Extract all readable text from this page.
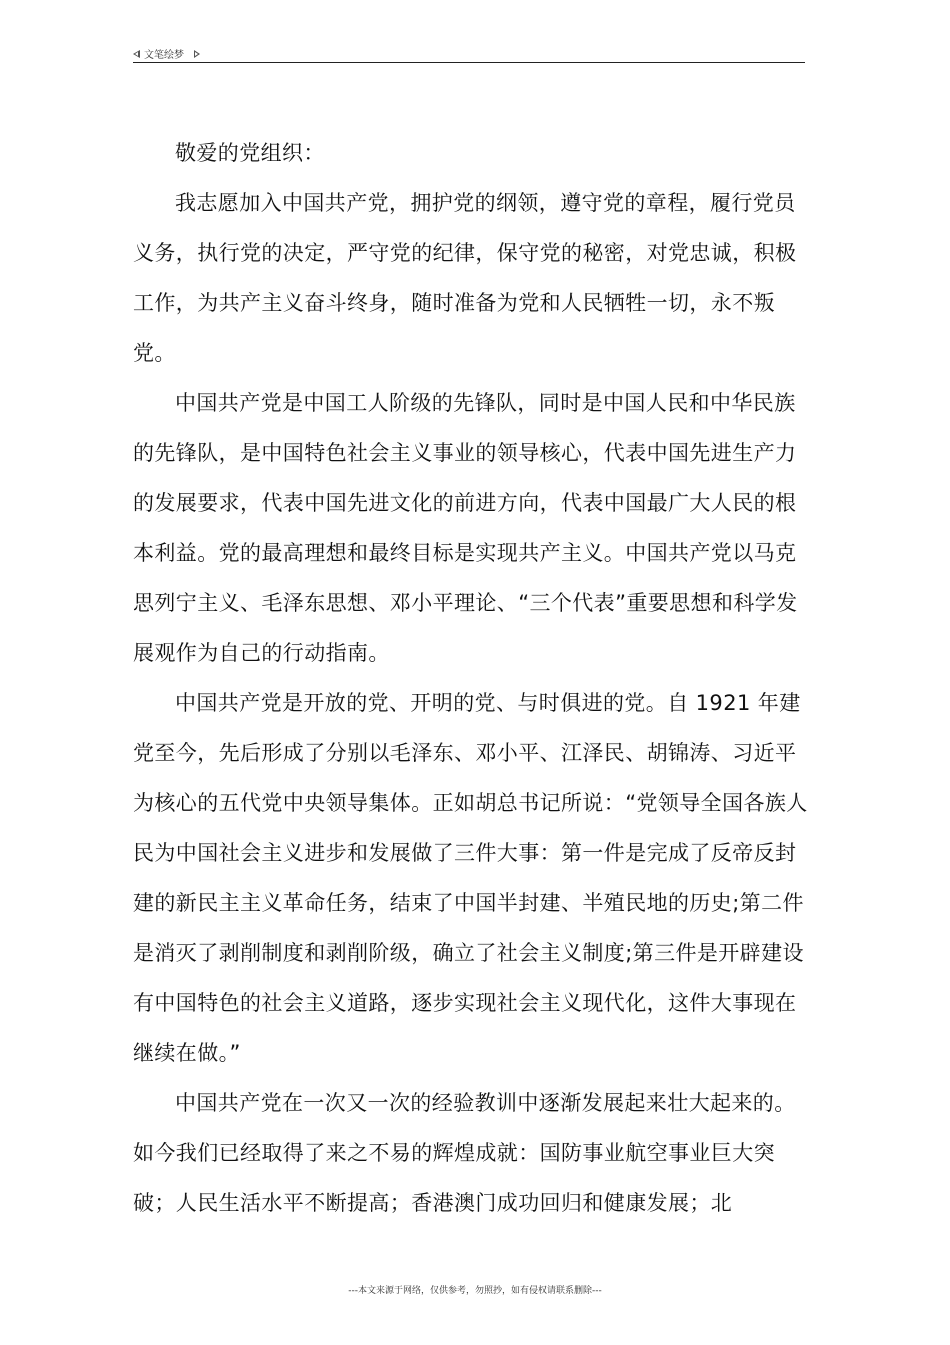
文笔绘梦

敬爱的党组织：

我志愿加入中国共产党，拥护党的纲领，遵守党的章程，履行党员义务，执行党的决定，严守党的纪律，保守党的秘密，对党忠诚，积极工作，为共产主义奋斗终身，随时准备为党和人民牺牲一切，永不叛党。

中国共产党是中国工人阶级的先锋队，同时是中国人民和中华民族的先锋队，是中国特色社会主义事业的领导核心，代表中国先进生产力的发展要求，代表中国先进文化的前进方向，代表中国最广大人民的根本利益。党的最高理想和最终目标是实现共产主义。中国共产党以马克思列宁主义、毛泽东思想、邓小平理论、“三个代表”重要思想和科学发展观作为自己的行动指南。

中国共产党是开放的党、开明的党、与时俱进的党。自 1921 年建党至今，先后形成了分别以毛泽东、邓小平、江泽民、胡锦涛、习近平为核心的五代党中央领导集体。正如胡总书记所说：“党领导全国各族人民为中国社会主义进步和发展做了三件大事：第一件是完成了反帝反封建的新民主主义革命任务，结束了中国半封建、半殖民地的历史;第二件是消灭了剥削制度和剥削阶级，确立了社会主义制度;第三件是开辟建设有中国特色的社会主义道路，逐步实现社会主义现代化，这件大事现在继续在做。”

中国共产党在一次又一次的经验教训中逐渐发展起来壮大起来的。如今我们已经取得了来之不易的辉煌成就：国防事业航空事业巨大突破；人民生活水平不断提高；香港澳门成功回归和健康发展；北

---本文来源于网络，仅供参考，勿照抄，如有侵权请联系删除---
